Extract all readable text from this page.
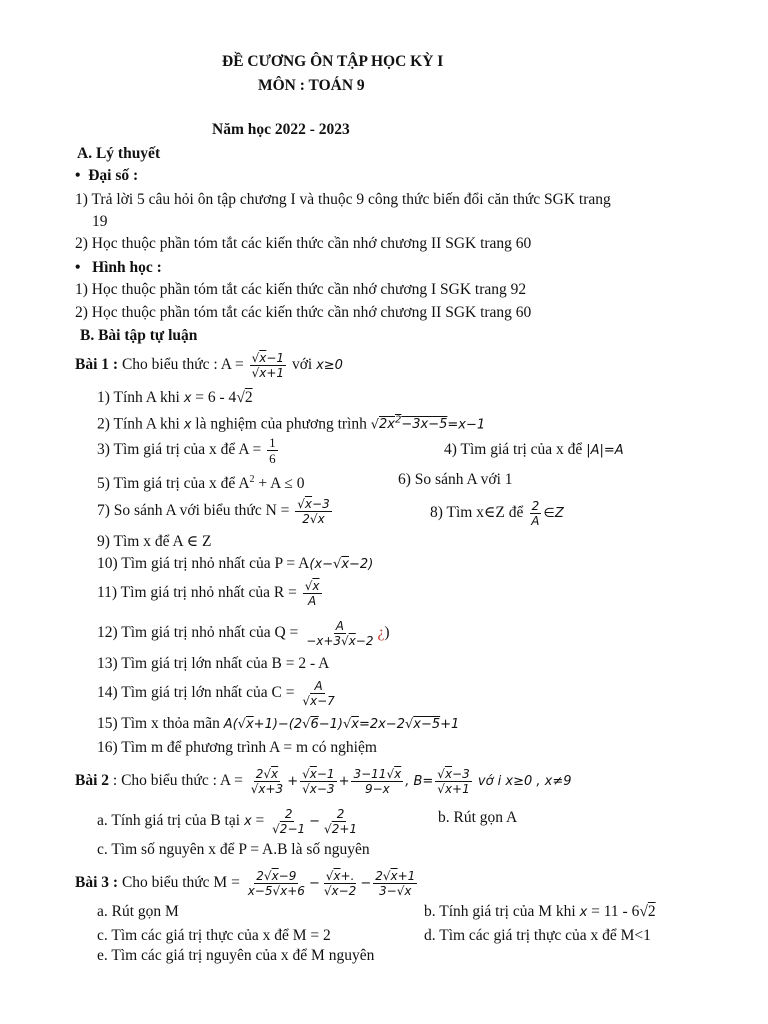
ĐỀ CƯƠNG ÔN TẬP HỌC KỲ I
MÔN : TOÁN 9
Năm học 2022 - 2023
A. Lý thuyết
•  Đại số :
1) Trả lời 5 câu hỏi ôn tập chương I và thuộc 9 công thức biến đổi căn thức SGK trang
19
2) Học thuộc phần tóm tắt các kiến thức cần nhớ chương II SGK trang 60
•   Hình học :
1) Học thuộc phần tóm tắt các kiến thức cần nhớ chương I SGK trang 92
2) Học thuộc phần tóm tắt các kiến thức cần nhớ chương II SGK trang 60
B. Bài tập tự luận
Bài 1 : Cho biểu thức : $A = \frac{√x-1}{√x+1}$ với x≥0
1) Tính A khi x = 6 - 4√2
2) Tính A khi x là nghiệm của phương trình $√2x^2-3x-5=x-1$
3) Tìm giá trị của x để $A = \frac{1}{6}$	4) Tìm giá trị của x để |A|=A
5) Tìm giá trị của x để $A^2 + A \le 0$	6) So sánh A với 1
7) So sánh A với biểu thức $N = \frac{√x-3}{2√x}$	8) Tìm x∈Z để $\frac{2}{A}$ ∈Z
9) Tìm x để A ∈ Z
10) Tìm giá trị nhỏ nhất của P = A(x−√x−2)
11) Tìm giá trị nhỏ nhất của $R = \frac{√x}{A}$
12) Tìm giá trị nhỏ nhất của $Q = \frac{A}{-x+3√x-2}$ ¿)
13) Tìm giá trị lớn nhất của B = 2 - A
14) Tìm giá trị lớn nhất của $C = \frac{A}{√x-7}$
15) Tìm x thỏa mãn A(√x+1)−(2√6−1)√x=2x−2√x−5+1
16) Tìm m để phương trình A = m có nghiệm
Bài 2 : Cho biểu thức : $A = \frac{2√x}{√x+3} + \frac{√x-1}{√x-3} + \frac{3-11√x}{9-x}$ , $B= \frac{√x-3}{√x+1}$ vớ i x≥0 , x≠9
a. Tính giá trị của B tại $x = \frac{2}{√2-1} - \frac{2}{√2+1}$	b. Rút gọn A
c. Tìm số nguyên x để P = A.B là số nguyên
Bài 3 : Cho biểu thức $M = \frac{2√x-9}{x-5√x+6} - \frac{√x+.}{√x-2} - \frac{2√x+1}{3-√x}$
a. Rút gọn M	b. Tính giá trị của M khi x = 11 - 6√2
c. Tìm các giá trị thực của x để M = 2	d. Tìm các giá trị thực của x để M<1
e. Tìm các giá trị nguyên của x để M nguyên
